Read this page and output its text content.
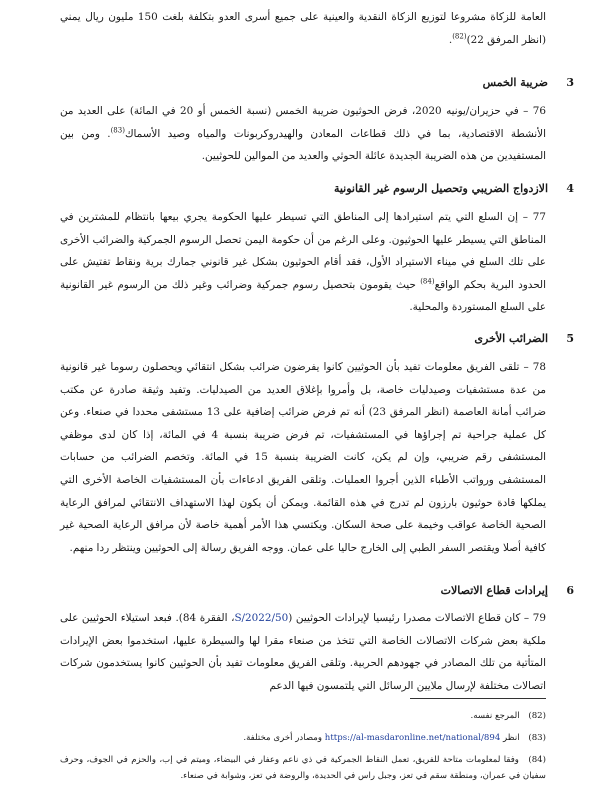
العامة للزكاة مشروعا لتوزيع الزكاة النقدية والعينية على جميع أسرى العدو بتكلفة بلغت 150 مليون ريال يمني (انظر المرفق 22)$^{(82)}$.

3
ضريبة الخمس

76 – في حزيران/يونيه 2020، فرض الحوثيون ضريبة الخمس (نسبة الخمس أو 20 في المائة) على العديد من الأنشطة الاقتصادية، بما في ذلك قطاعات المعادن والهيدروكربونات والمياه وصيد الأسماك$^{(83)}$. ومن بين المستفيدين من هذه الضريبة الجديدة عائلة الحوثي والعديد من الموالين للحوثيين.

4
الازدواج الضريبي وتحصيل الرسوم غير القانونية

77 – إن السلع التي يتم استيرادها إلى المناطق التي تسيطر عليها الحكومة يجري بيعها بانتظام للمشترين في المناطق التي يسيطر عليها الحوثيون. وعلى الرغم من أن حكومة اليمن تحصل الرسوم الجمركية والضرائب الأخرى على تلك السلع في ميناء الاستيراد الأول، فقد أقام الحوثيون بشكل غير قانوني جمارك برية ونقاط تفتيش على الحدود البرية بحكم الواقع$^{(84)}$ حيث يقومون بتحصيل رسوم جمركية وضرائب وغير ذلك من الرسوم غير القانونية على السلع المستوردة والمحلية.

5
الضرائب الأخرى

78 – تلقى الفريق معلومات تفيد بأن الحوثيين كانوا يفرضون ضرائب بشكل انتقائي ويحصلون رسوما غير قانونية من عدة مستشفيات وصيدليات خاصة، بل وأمروا بإغلاق العديد من الصيدليات. وتفيد وثيقة صادرة عن مكتب ضرائب أمانة العاصمة (انظر المرفق 23) أنه تم فرض ضرائب إضافية على 13 مستشفى محددا في صنعاء. وعن كل عملية جراحية تم إجراؤها في المستشفيات، تم فرض ضريبة بنسبة 4 في المائة، إذا كان لدى موظفي المستشفى رقم ضريبي، وإن لم يكن، كانت الضريبة بنسبة 15 في المائة. وتخصم الضرائب من حسابات المستشفى ورواتب الأطباء الذين أجروا العمليات. وتلقى الفريق ادعاءات بأن المستشفيات الخاصة الأخرى التي يملكها قادة حوثيون بارزون لم تدرج في هذه القائمة. ويمكن أن يكون لهذا الاستهداف الانتقائي لمرافق الرعاية الصحية الخاصة عواقب وخيمة على صحة السكان. ويكتسي هذا الأمر أهمية خاصة لأن مرافق الرعاية الصحية غير كافية أصلا ويقتصر السفر الطبي إلى الخارج حاليا على عمان. ووجه الفريق رسالة إلى الحوثيين وينتظر ردا منهم.

6
إيرادات قطاع الاتصالات

79 – كان قطاع الاتصالات مصدرا رئيسيا لإيرادات الحوثيين (S/2022/50، الفقرة 84). فبعد استيلاء الحوثيين على ملكية بعض شركات الاتصالات الخاصة التي تتخذ من صنعاء مقرا لها والسيطرة عليها، استخدموا بعض الإيرادات المتأتية من تلك المصادر في جهودهم الحربية. وتلقى الفريق معلومات تفيد بأن الحوثيين كانوا يستخدمون شركات اتصالات مختلفة لإرسال ملايين الرسائل التي يلتمسون فيها الدعم

(82) المرجع نفسه.

(83) انظر https://al-masdaronline.net/national/894 ومصادر أخرى مختلفة.

(84) وفقا لمعلومات متاحة للفريق، تعمل النقاط الجمركية في ذي ناعم وعفار في البيضاء، وميتم في إب، والحزم في الجوف، وحرف سفيان في عمران، ومنطقة سقم في تعز، وجبل راس في الحديدة، والروضة في تعز، وشوابة في صنعاء.
